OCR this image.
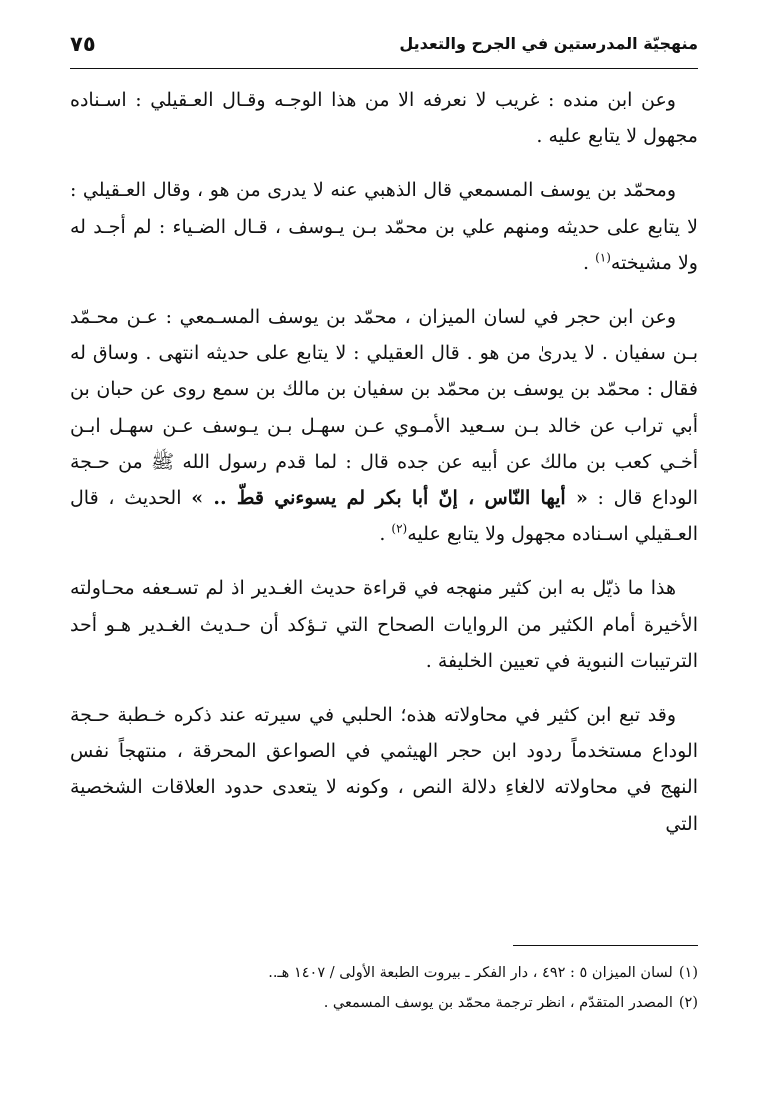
٧٥	منهجيّة المدرستين في الجرح والتعديل

وعن ابن منده : غريب لا نعرفه الا من هذا الوجـه وقـال العـقيلي : اسـناده مجهول لا يتابع عليه .

ومحمّد بن يوسف المسمعي قال الذهبي عنه لا يدرى من هو ، وقال العـقيلي : لا يتابع على حديثه ومنهم علي بن محمّد بـن يـوسف ، قـال الضـياء : لم أجـد له ولا مشيخته$^{(١)}$ .

وعن ابن حجر في لسان الميزان ، محمّد بن يوسف المسـمعي : عـن محـمّد بـن سفيان . لا يدرىٰ من هو . قال العقيلي : لا يتابع على حديثه انتهى . وساق له فقال : محمّد بن يوسف بن محمّد بن سفيان بن مالك بن سمع روى عن حبان بن أبي تراب عن خالد بـن سـعيد الأمـوي عـن سهـل بـن يـوسف عـن سهـل ابـن أخـي كعب بن مالك عن أبيه عن جده قال : لما قدم رسول الله ﷺ من حـجة الوداع قال : « أيها النّاس ، إنّ أبا بكر لم يسوءني قطّ .. » الحديث ، قال العـقيلي اسـناده مجهول ولا يتابع عليه$^{(٢)}$ .

هذا ما ذيّل به ابن كثير منهجه في قراءة حديث الغـدير اذ لم تسـعفه محـاولته الأخيرة أمام الكثير من الروايات الصحاح التي تـؤكد أن حـديث الغـدير هـو أحد الترتيبات النبوية في تعيين الخليفة .

وقد تبع ابن كثير في محاولاته هذه؛ الحلبي في سيرته عند ذكره خـطبة حـجة الوداع مستخدماً ردود ابن حجر الهيثمي في الصواعق المحرقة ، منتهجاً نفس النهج في محاولاته لالغاءِ دلالة النص ، وكونه لا يتعدى حدود العلاقات الشخصية التي

(١)لسان الميزان ٥ : ٤٩٢ ، دار الفكر ـ بيروت الطبعة الأولى / ١٤٠٧ هـ..
(٢)المصدر المتقدّم ، انظر ترجمة محمّد بن يوسف المسمعي .
